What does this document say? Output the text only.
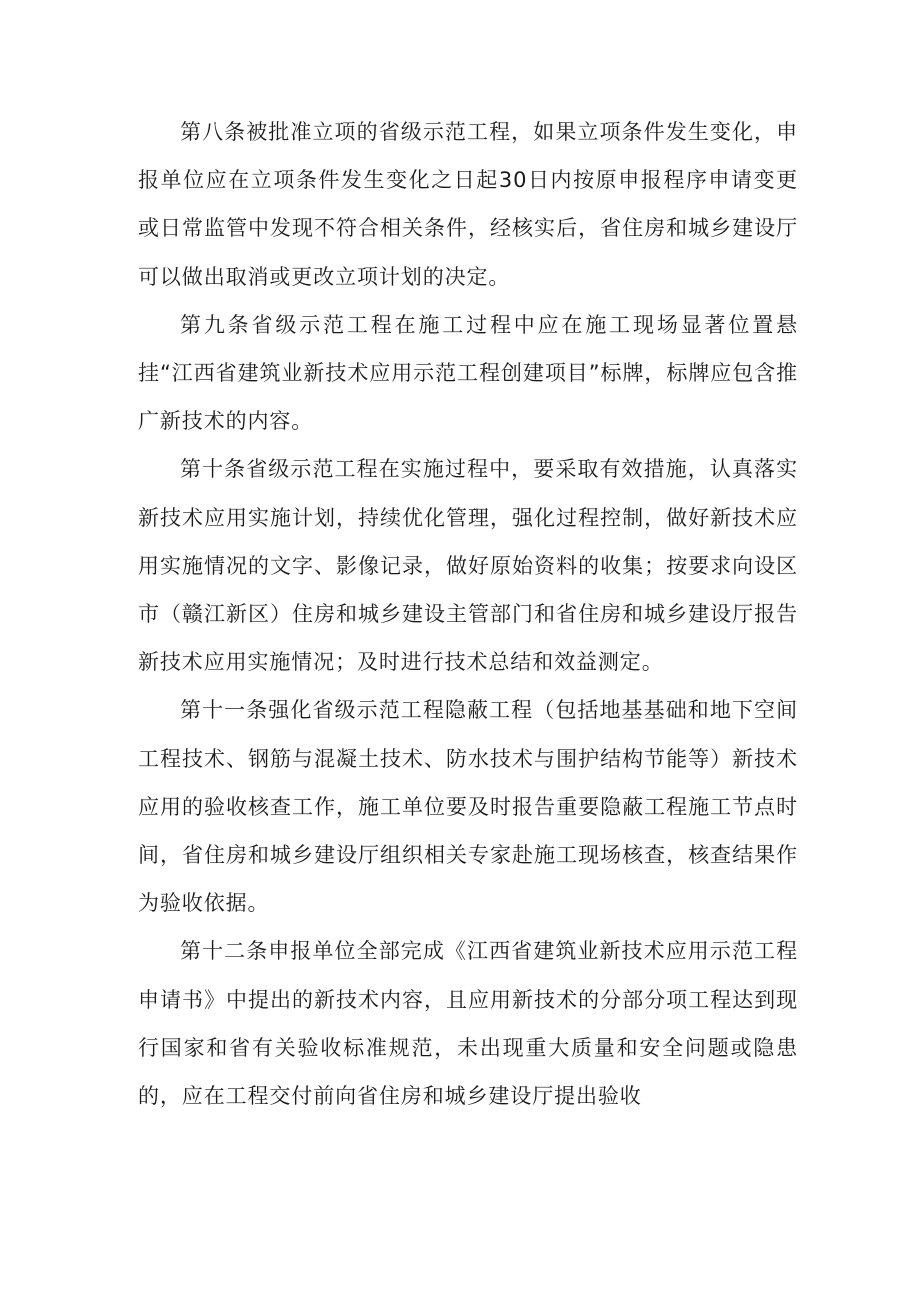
第八条被批准立项的省级示范工程，如果立项条件发生变化，申报单位应在立项条件发生变化之日起30日内按原申报程序申请变更或日常监管中发现不符合相关条件，经核实后，省住房和城乡建设厅可以做出取消或更改立项计划的决定。

第九条省级示范工程在施工过程中应在施工现场显著位置悬挂“江西省建筑业新技术应用示范工程创建项目”标牌，标牌应包含推广新技术的内容。

第十条省级示范工程在实施过程中，要采取有效措施，认真落实新技术应用实施计划，持续优化管理，强化过程控制，做好新技术应用实施情况的文字、影像记录，做好原始资料的收集；按要求向设区市（赣江新区）住房和城乡建设主管部门和省住房和城乡建设厅报告新技术应用实施情况；及时进行技术总结和效益测定。

第十一条强化省级示范工程隐蔽工程（包括地基基础和地下空间工程技术、钢筋与混凝土技术、防水技术与围护结构节能等）新技术应用的验收核查工作，施工单位要及时报告重要隐蔽工程施工节点时间，省住房和城乡建设厅组织相关专家赴施工现场核查，核查结果作为验收依据。

第十二条申报单位全部完成《江西省建筑业新技术应用示范工程申请书》中提出的新技术内容，且应用新技术的分部分项工程达到现行国家和省有关验收标准规范，未出现重大质量和安全问题或隐患的，应在工程交付前向省住房和城乡建设厅提出验收
